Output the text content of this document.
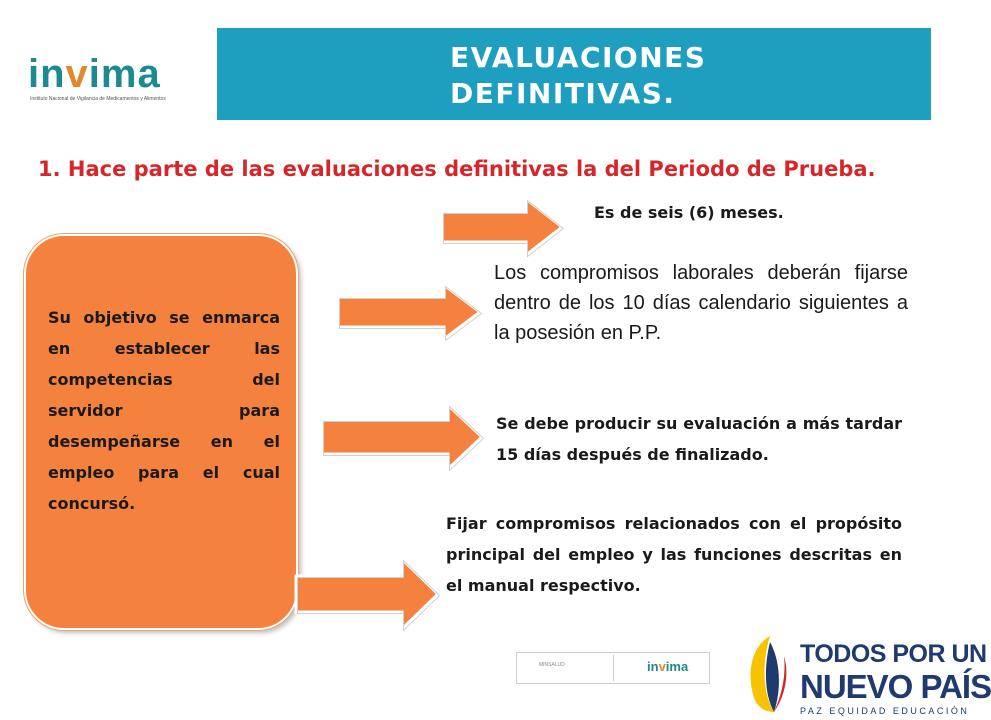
invima
Instituto Nacional de Vigilancia de Medicamentos y Alimentos
EVALUACIONES
DEFINITIVAS.
1. Hace parte de las evaluaciones definitivas la del Periodo de Prueba.
Su objetivo se enmarca en establecer las competencias del servidor para desempeñarse en el empleo para el cual concursó.
Es de seis (6) meses.
Los compromisos laborales deberán fijarse dentro de los 10 días calendario siguientes a la posesión en P.P.
Se debe producir su evaluación a más tardar 15 días después de finalizado.
Fijar compromisos relacionados con el propósito principal del empleo y las funciones descritas en el manual respectivo.
MINSALUD	invima	TODOS POR UN
NUEVO PAÍS
PAZ EQUIDAD EDUCACIÓN
